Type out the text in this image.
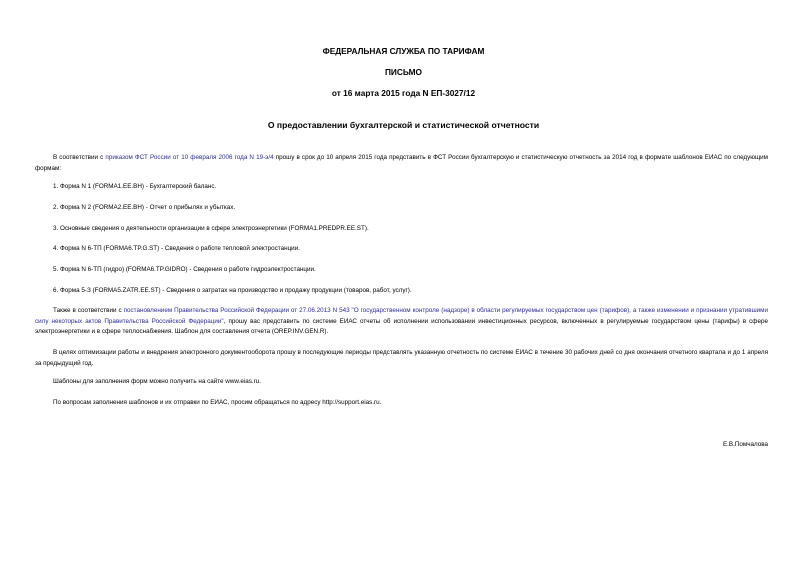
ФЕДЕРАЛЬНАЯ СЛУЖБА ПО ТАРИФАМ
ПИСЬМО
от 16 марта 2015 года N ЕП-3027/12
О предоставлении бухгалтерской и статистической отчетности
В соответствии с приказом ФСТ России от 10 февраля 2006 года N 19-э/4 прошу в срок до 10 апреля 2015 года представить в ФСТ России бухгалтерскую и статистическую отчетность за 2014 год в формате шаблонов ЕИАС по следующим формам:
1. Форма N 1 (FORMA1.EE.BH) - Бухгалтерский баланс.
2. Форма N 2 (FORMA2.EE.BH) - Отчет о прибылях и убытках.
3. Основные сведения о деятельности организации в сфере электроэнергетики (FORMA1.PREDPR.EE.ST).
4. Форма N 6-ТП (FORMA6.TP.G.ST) - Сведения о работе тепловой электростанции.
5. Форма N 6-ТП (гидро) (FORMA6.TP.GIDRO) - Сведения о работе гидроэлектростанции.
6. Форма 5-З (FORMA5.ZATR.EE.ST) - Сведения о затратах на производство и продажу продукции (товаров, работ, услуг).
Также в соответствии с постановлением Правительства Российской Федерации от 27.06.2013 N 543 "О государственном контроле (надзоре) в области регулируемых государством цен (тарифов), а также изменении и признании утратившими силу некоторых актов Правительства Российской Федерации", прошу вас представить по системе ЕИАС отчеты об исполнении использовании инвестиционных ресурсов, включенных в регулируемые государством цены (тарифы) в сфере электроэнергетики и в сфере теплоснабжения. Шаблон для составления отчета (OREP.INV.GEN.R).
В целях оптимизации работы и внедрения электронного документооборота прошу в последующие периоды представлять указанную отчетность по системе ЕИАС в течение 30 рабочих дней со дня окончания отчетного квартала и до 1 апреля за предыдущий год.
Шаблоны для заполнения форм можно получить на сайте www.eias.ru.
По вопросам заполнения шаблонов и их отправки по ЕИАС, просим обращаться по адресу http://support.eias.ru.
Е.В.Помчалова
